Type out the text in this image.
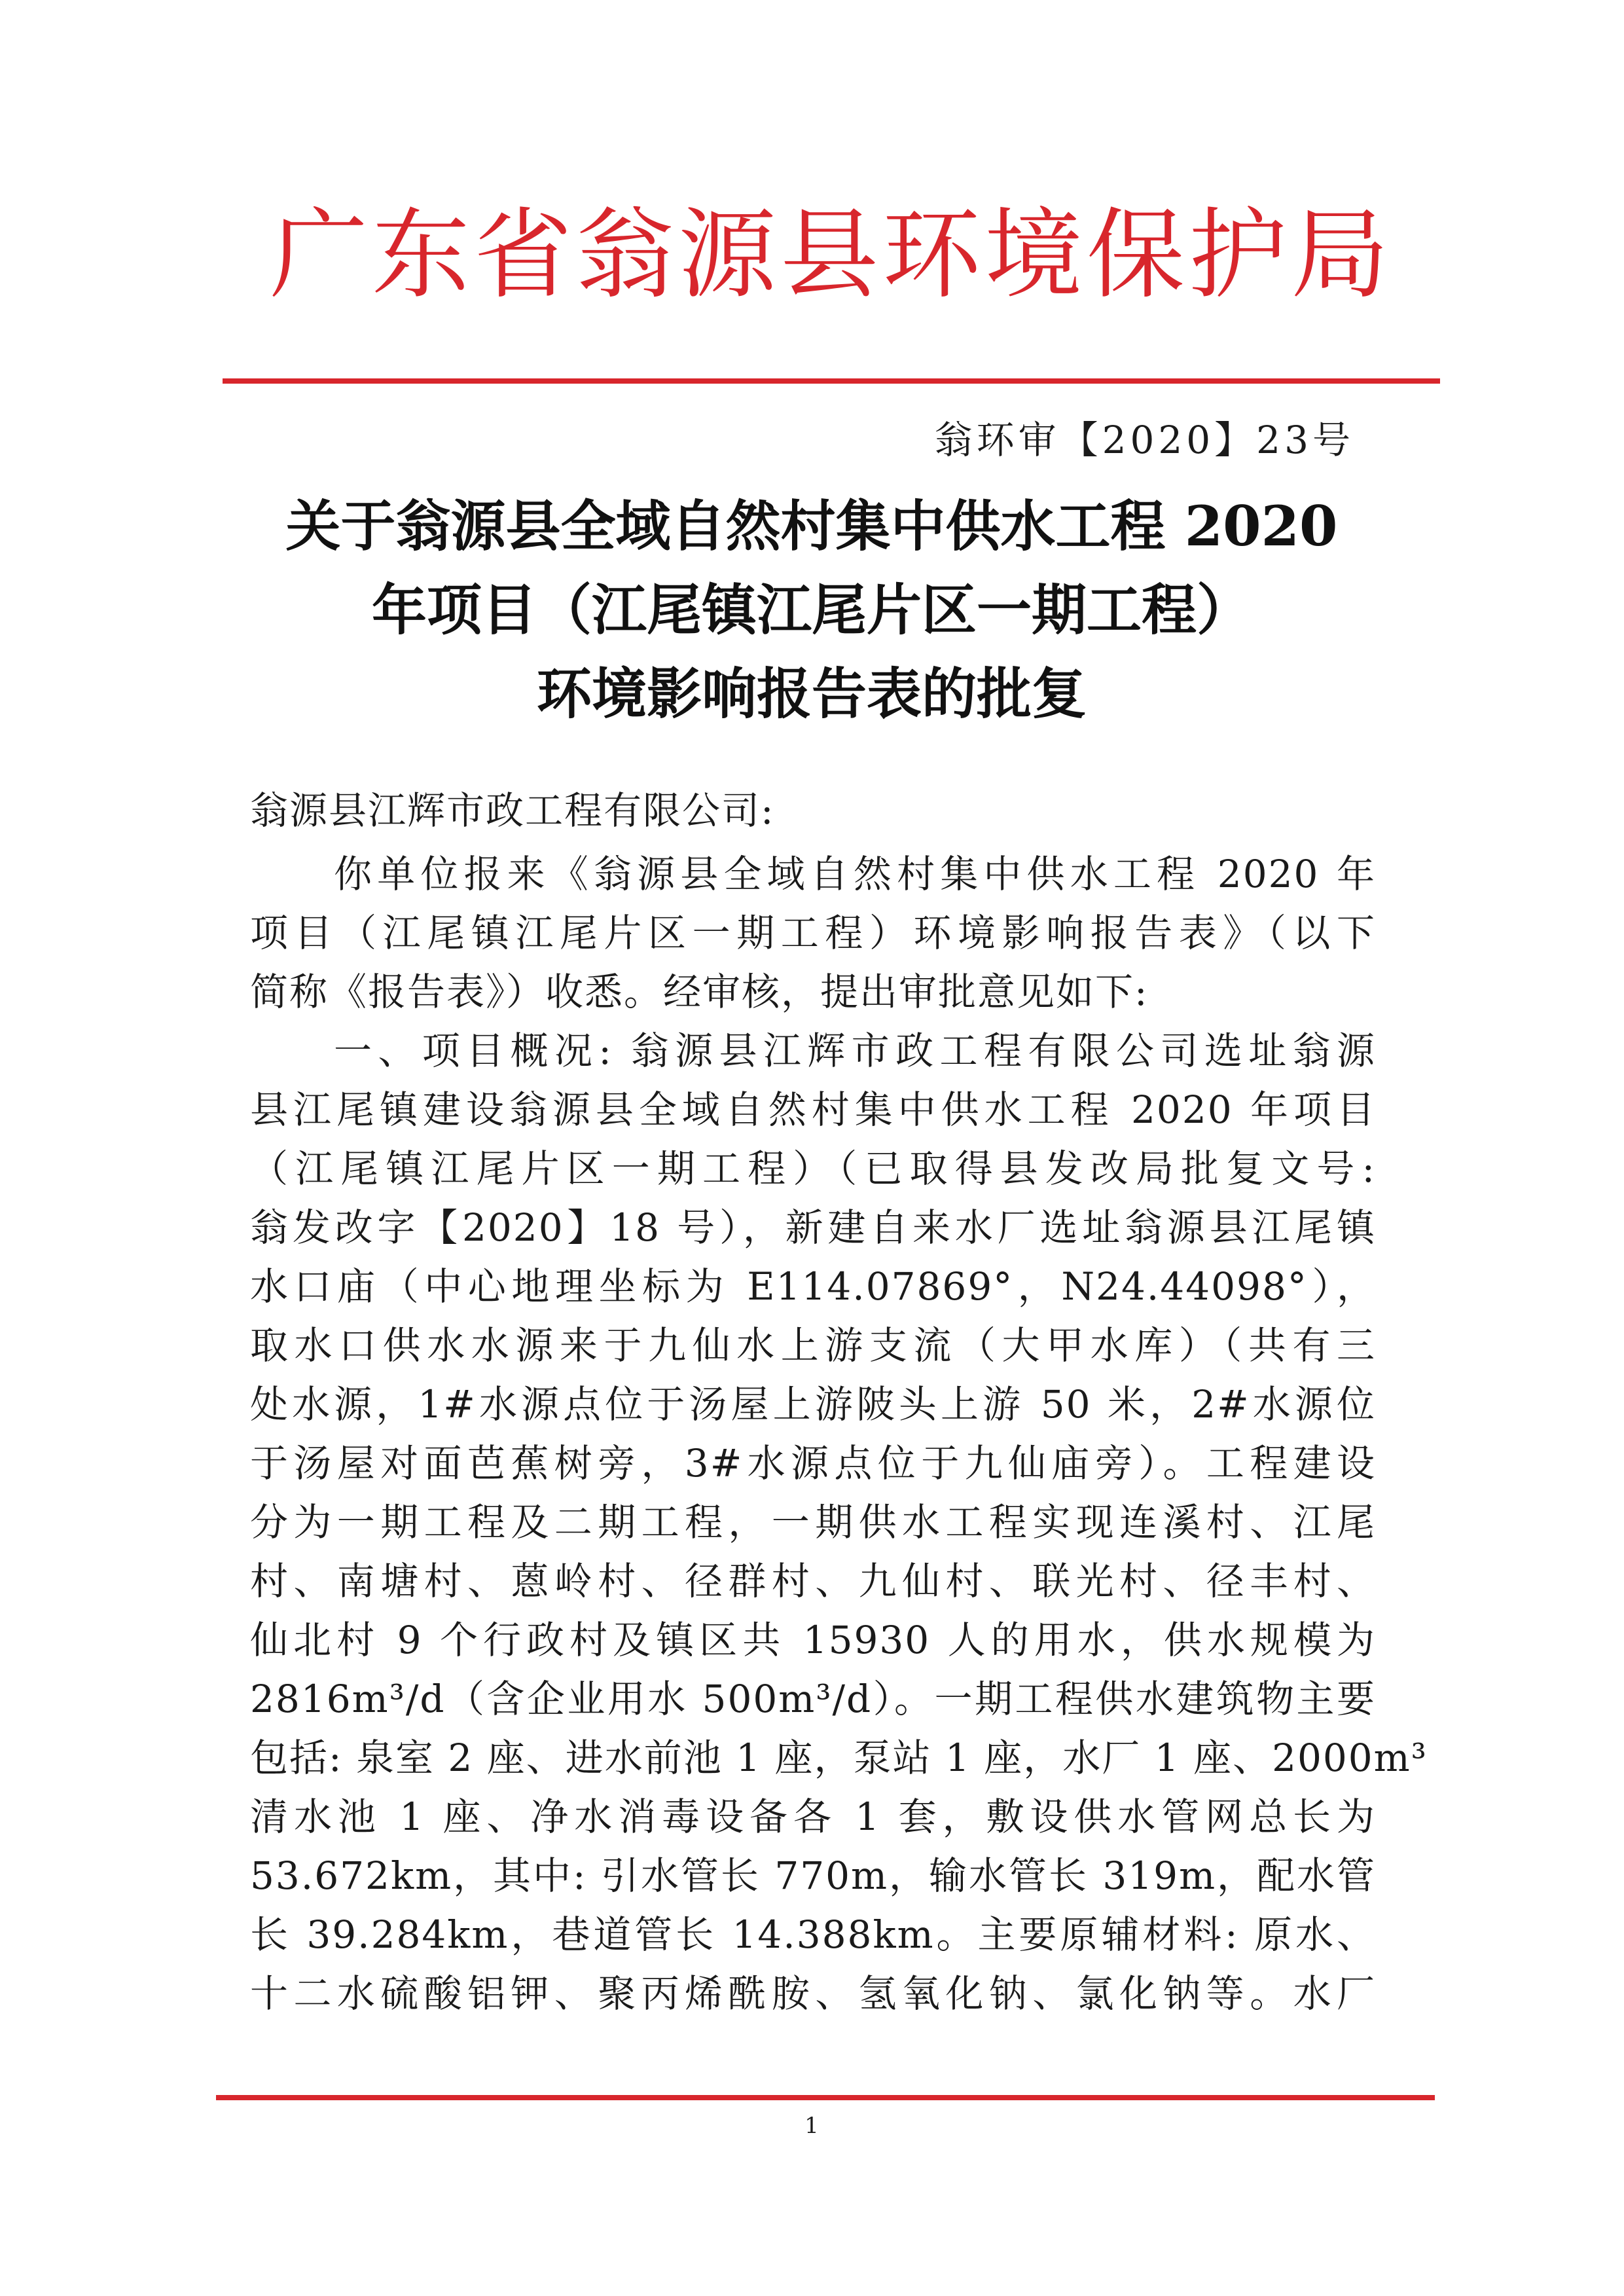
广东省翁源县环境保护局
翁环审【2020】23号
关于翁源县全域自然村集中供水工程 2020
年项目（江尾镇江尾片区一期工程）
环境影响报告表的批复
翁源县江辉市政工程有限公司:
你单位报来《翁源县全域自然村集中供水工程 2020 年
项目（江尾镇江尾片区一期工程）环境影响报告表》（以下
简称《报告表》）收悉。经审核，提出审批意见如下:
一、项目概况: 翁源县江辉市政工程有限公司选址翁源
县江尾镇建设翁源县全域自然村集中供水工程 2020 年项目
（江尾镇江尾片区一期工程）（已取得县发改局批复文号:
翁发改字【2020】18 号），新建自来水厂选址翁源县江尾镇
水口庙（中心地理坐标为 E114.07869°，N24.44098°），
取水口供水水源来于九仙水上游支流（大甲水库）（共有三
处水源，1#水源点位于汤屋上游陂头上游 50 米，2#水源位
于汤屋对面芭蕉树旁，3#水源点位于九仙庙旁）。工程建设
分为一期工程及二期工程，一期供水工程实现连溪村、江尾
村、南塘村、蒽岭村、径群村、九仙村、联光村、径丰村、
仙北村 9 个行政村及镇区共 15930 人的用水，供水规模为
2816m³/d（含企业用水 500m³/d）。一期工程供水建筑物主要
包括: 泉室 2 座、进水前池 1 座，泵站 1 座，水厂 1 座、2000m³
清水池 1 座、净水消毒设备各 1 套，敷设供水管网总长为
53.672km，其中: 引水管长 770m，输水管长 319m，配水管
长 39.284km，巷道管长 14.388km。主要原辅材料: 原水、
十二水硫酸铝钾、聚丙烯酰胺、氢氧化钠、氯化钠等。水厂
1
